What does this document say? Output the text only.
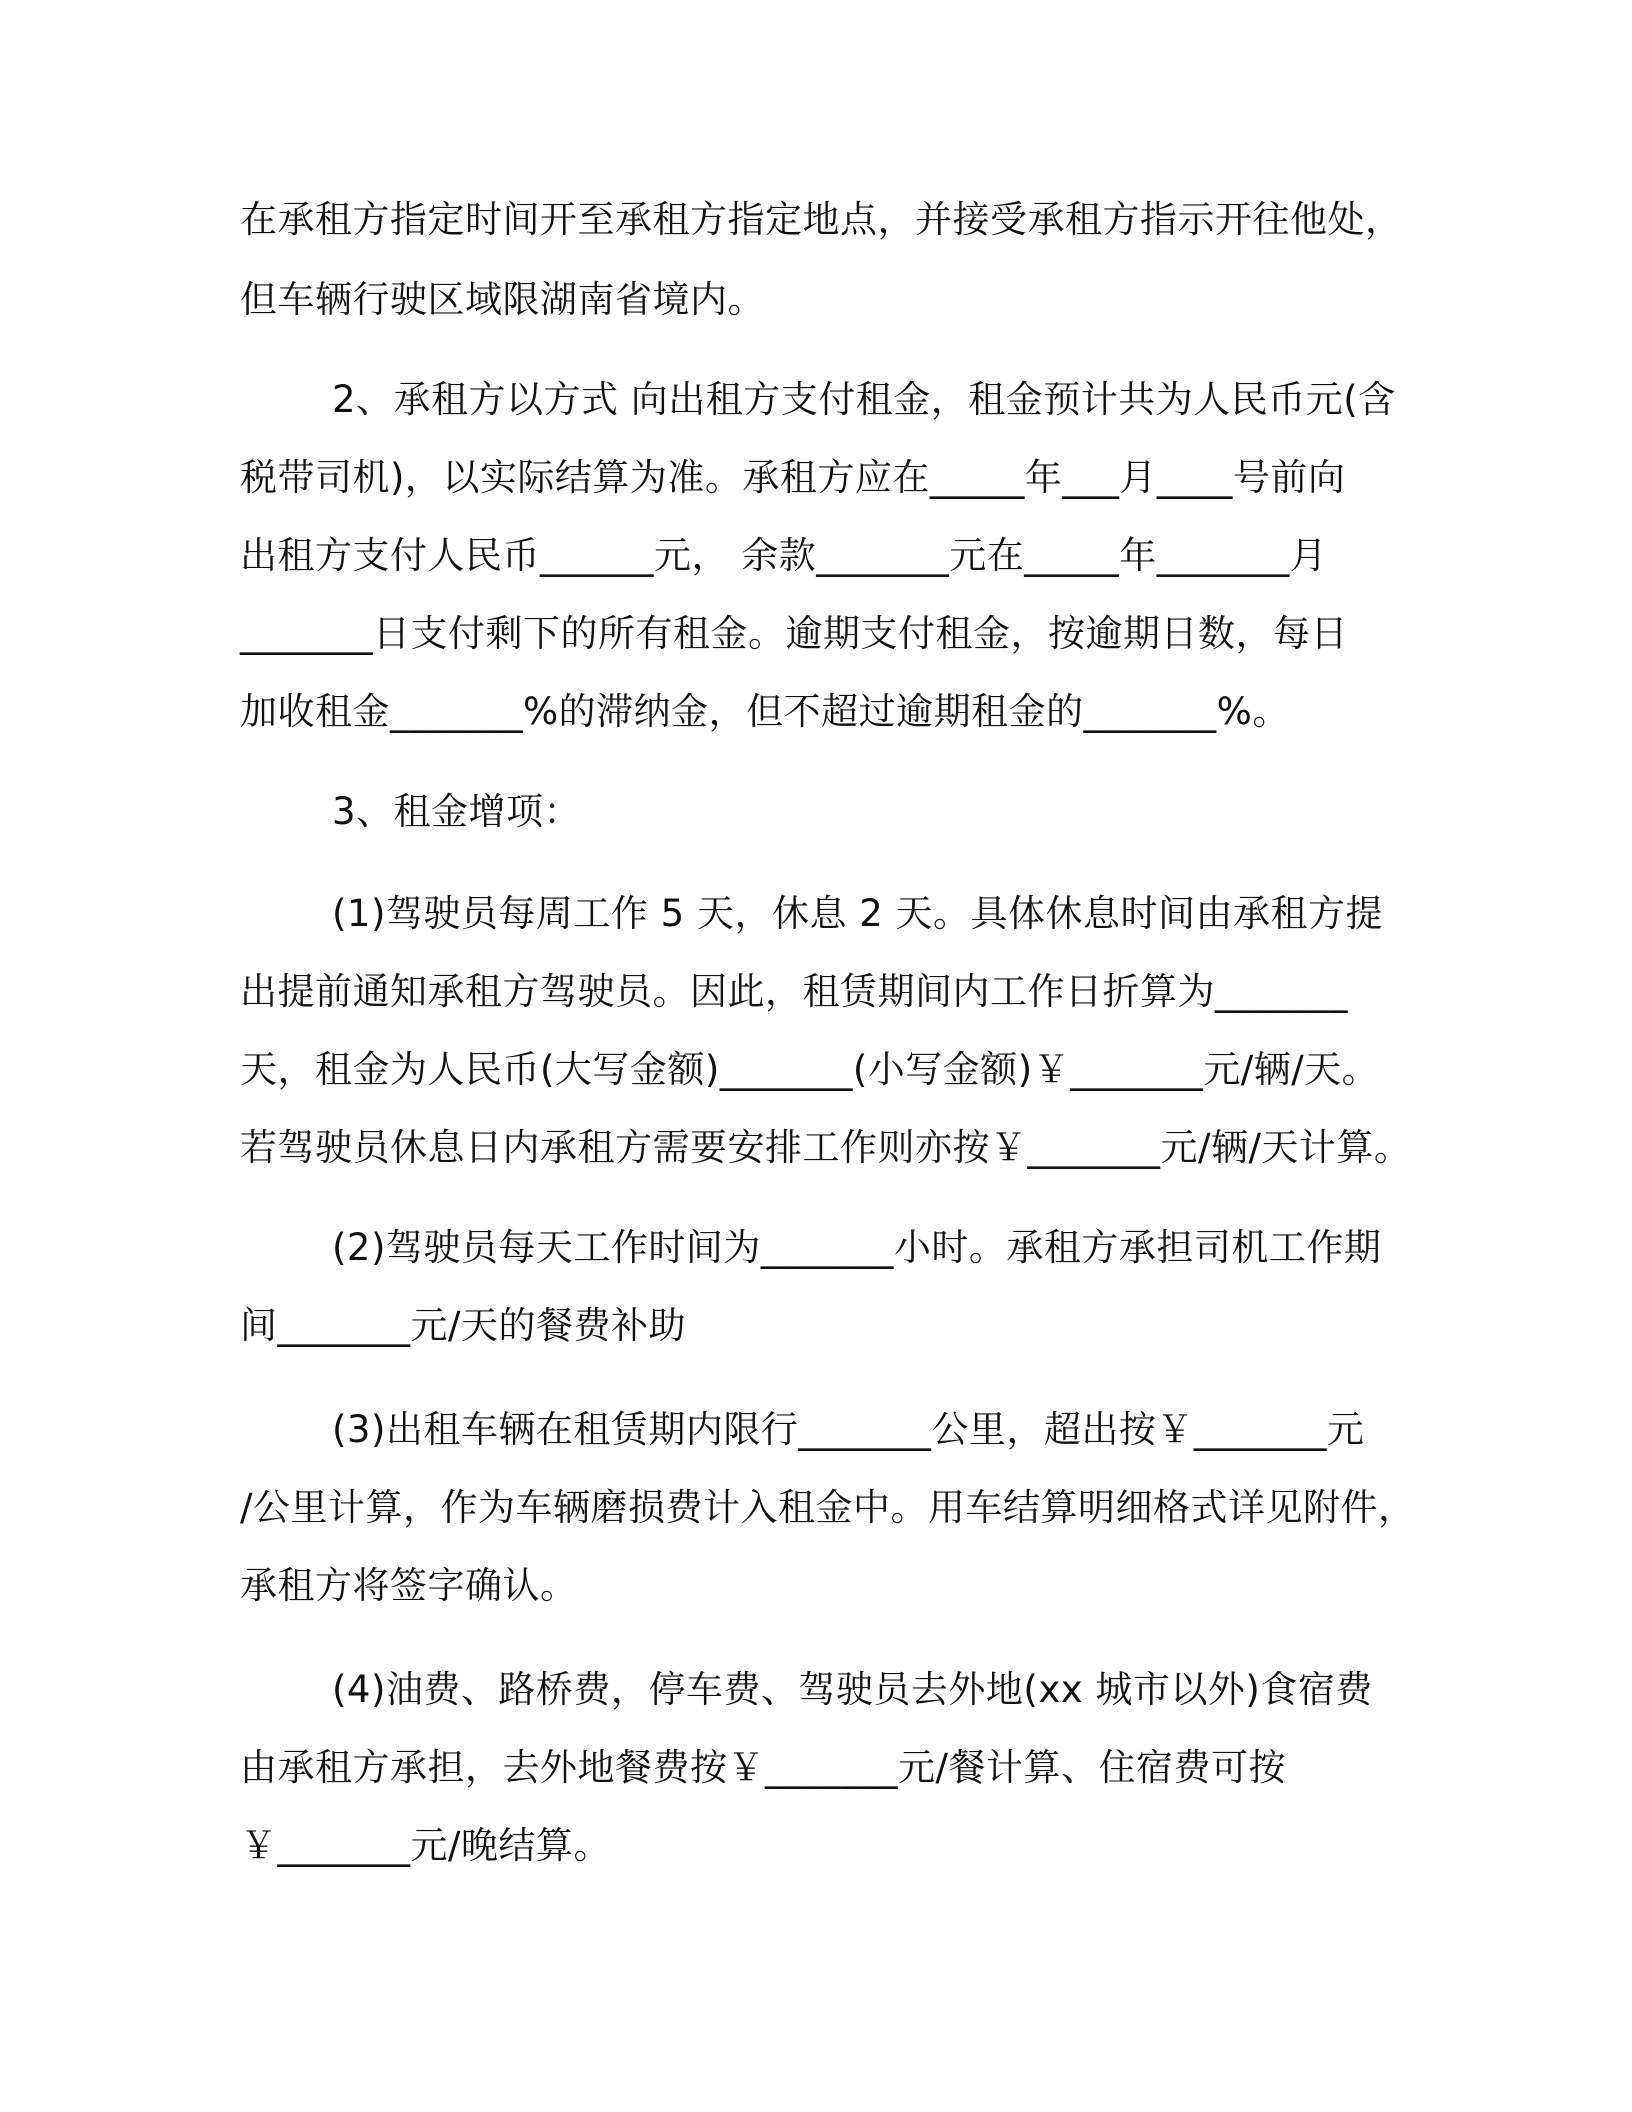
在承租方指定时间开至承租方指定地点，并接受承租方指示开往他处，
但车辆行驶区域限湖南省境内。
2、承租方以方式 向出租方支付租金，租金预计共为人民币元(含
税带司机)，以实际结算为准。承租方应在_____年___月____号前向
出租方支付人民币______元， 余款_______元在_____年_______月
_______日支付剩下的所有租金。逾期支付租金，按逾期日数，每日
加收租金_______%的滞纳金，但不超过逾期租金的_______%。
3、租金增项：
(1)驾驶员每周工作 5 天，休息 2 天。具体休息时间由承租方提
出提前通知承租方驾驶员。因此，租赁期间内工作日折算为_______
天，租金为人民币(大写金额)_______(小写金额)￥_______元/辆/天。
若驾驶员休息日内承租方需要安排工作则亦按￥_______元/辆/天计算。
(2)驾驶员每天工作时间为_______小时。承租方承担司机工作期
间_______元/天的餐费补助
(3)出租车辆在租赁期内限行_______公里，超出按￥_______元
/公里计算，作为车辆磨损费计入租金中。用车结算明细格式详见附件，
承租方将签字确认。
(4)油费、路桥费，停车费、驾驶员去外地(xx 城市以外)食宿费
由承租方承担，去外地餐费按￥_______元/餐计算、住宿费可按
￥_______元/晚结算。
